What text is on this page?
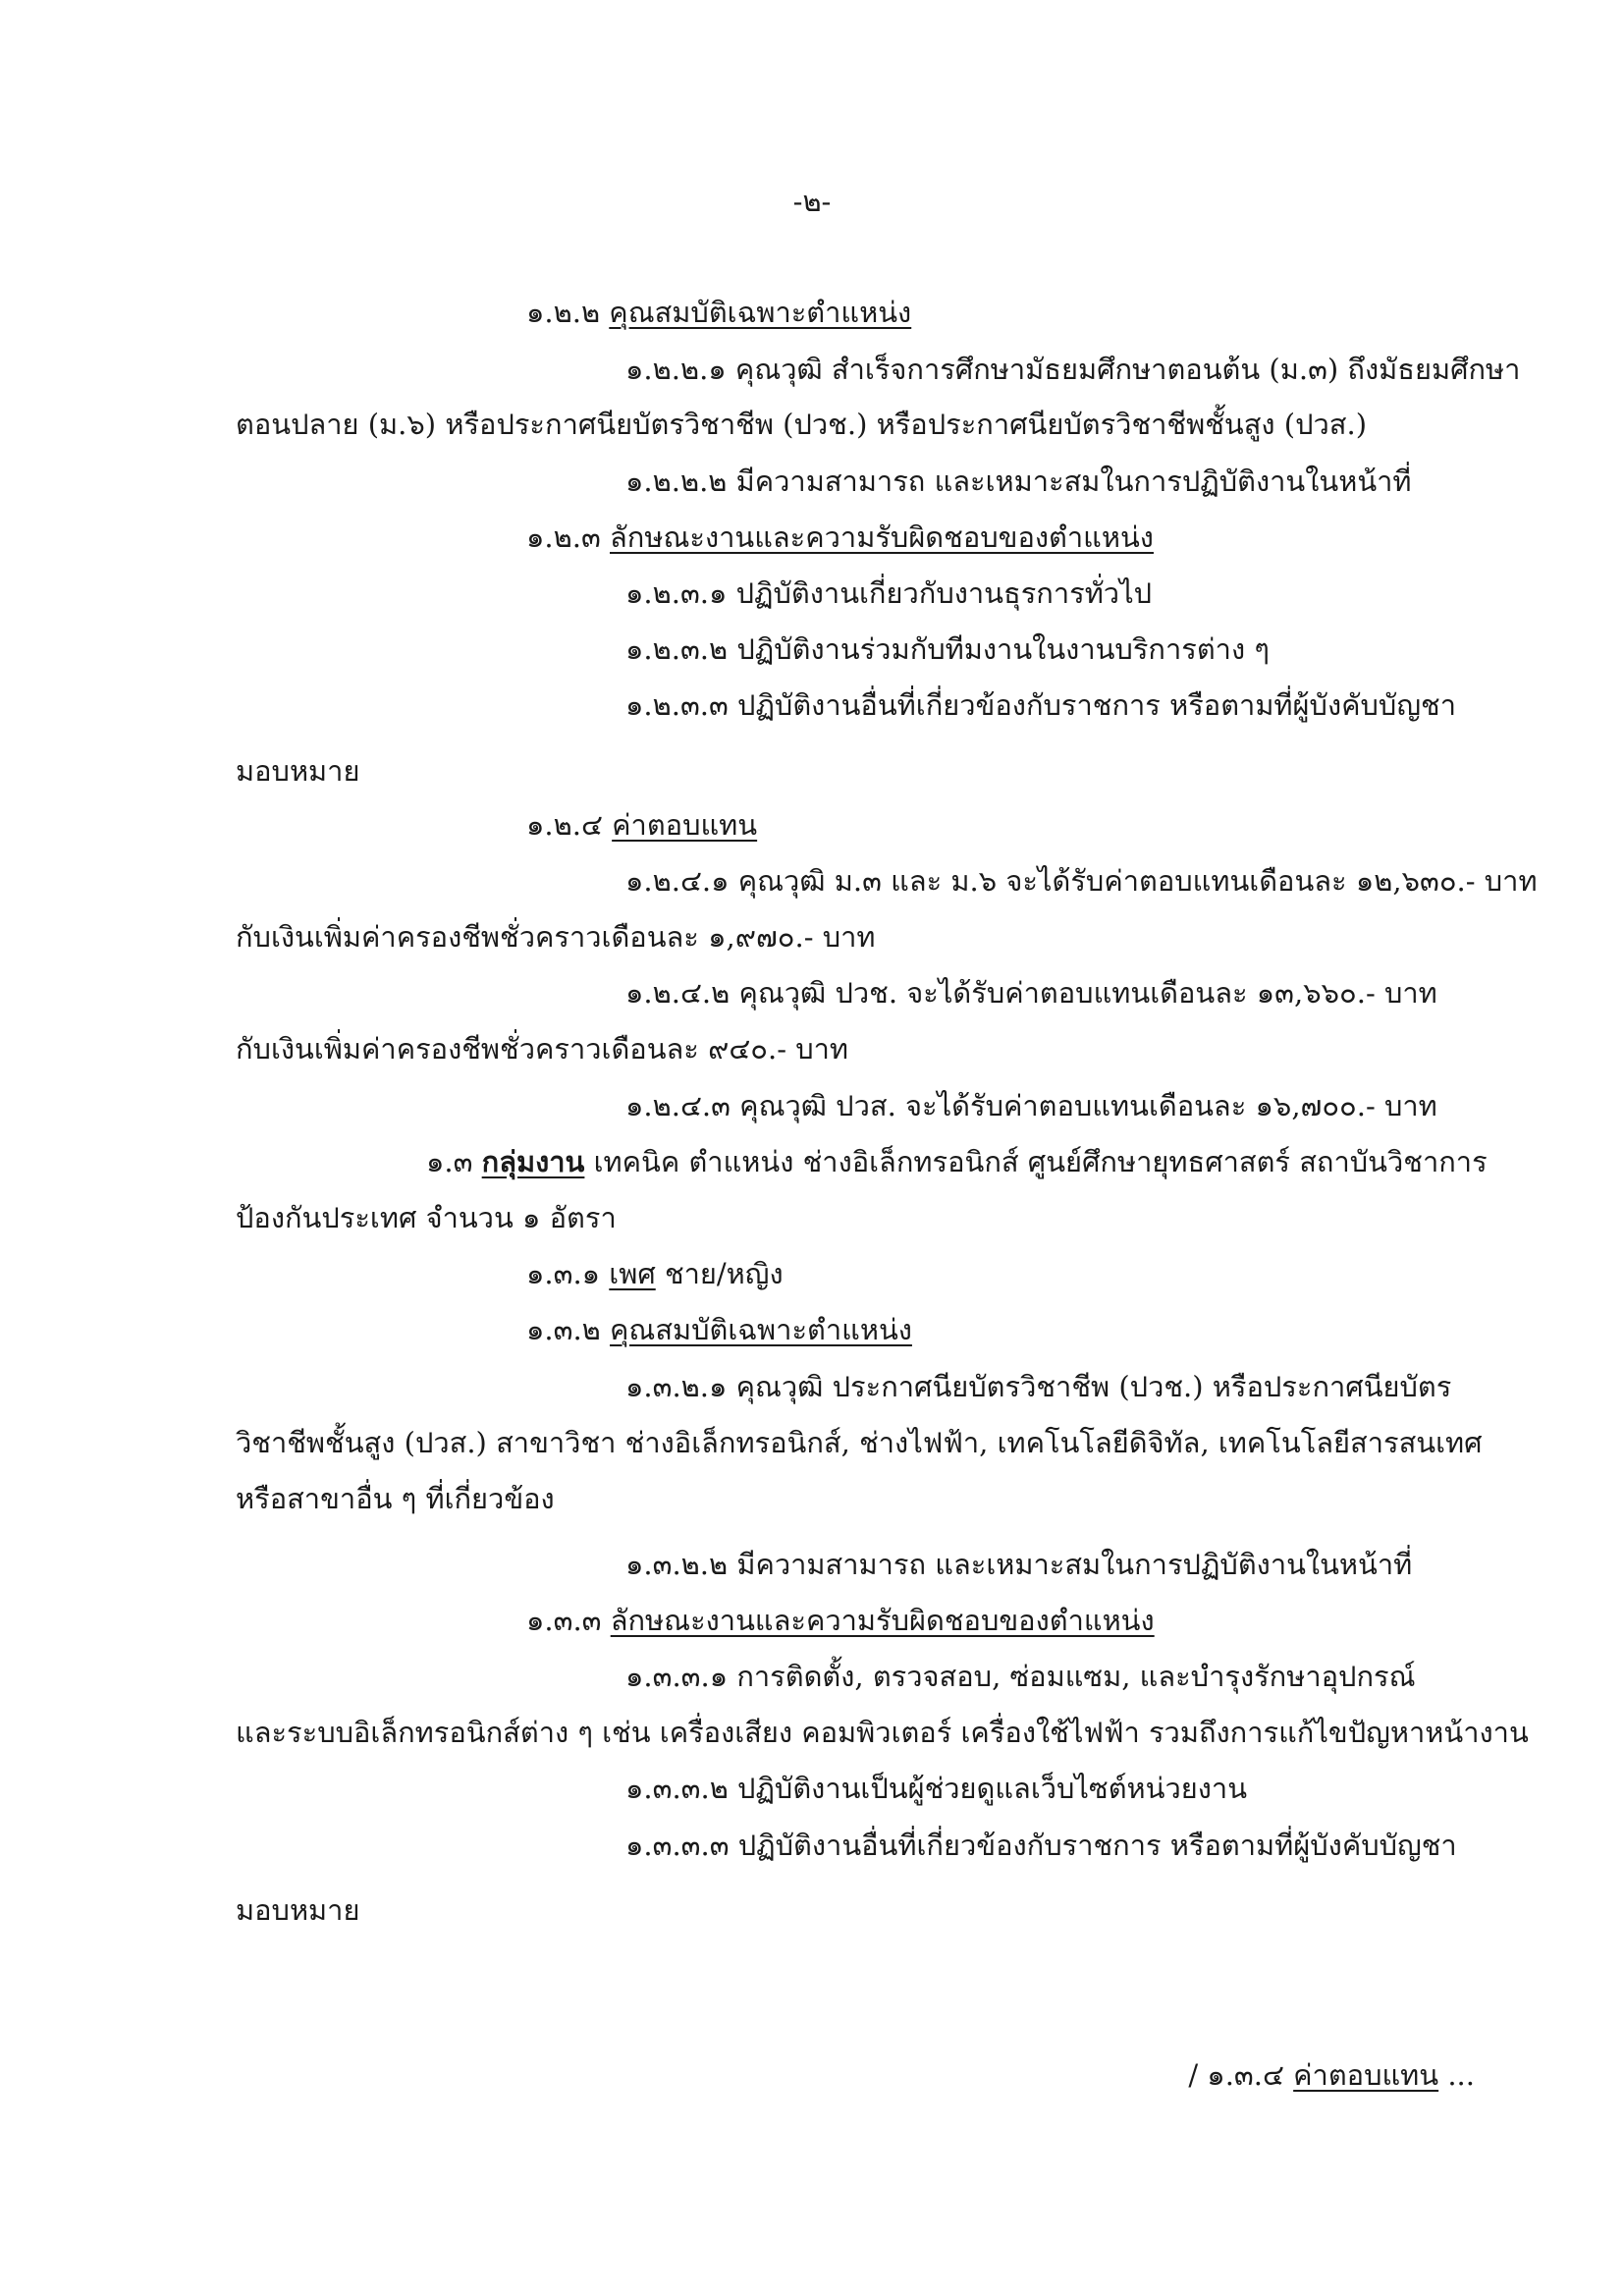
-๒-
๑.๒.๒ คุณสมบัติเฉพาะตำแหน่ง
๑.๒.๒.๑ คุณวุฒิ สำเร็จการศึกษามัธยมศึกษาตอนต้น (ม.๓) ถึงมัธยมศึกษา
ตอนปลาย (ม.๖) หรือประกาศนียบัตรวิชาชีพ (ปวช.) หรือประกาศนียบัตรวิชาชีพชั้นสูง (ปวส.)
๑.๒.๒.๒ มีความสามารถ และเหมาะสมในการปฏิบัติงานในหน้าที่
๑.๒.๓ ลักษณะงานและความรับผิดชอบของตำแหน่ง
๑.๒.๓.๑ ปฏิบัติงานเกี่ยวกับงานธุรการทั่วไป
๑.๒.๓.๒ ปฏิบัติงานร่วมกับทีมงานในงานบริการต่าง ๆ
๑.๒.๓.๓ ปฏิบัติงานอื่นที่เกี่ยวข้องกับราชการ หรือตามที่ผู้บังคับบัญชา
มอบหมาย
๑.๒.๔ ค่าตอบแทน
๑.๒.๔.๑ คุณวุฒิ ม.๓ และ ม.๖ จะได้รับค่าตอบแทนเดือนละ ๑๒,๖๓๐.- บาท
กับเงินเพิ่มค่าครองชีพชั่วคราวเดือนละ ๑,๙๗๐.- บาท
๑.๒.๔.๒ คุณวุฒิ ปวช. จะได้รับค่าตอบแทนเดือนละ ๑๓,๖๖๐.- บาท
กับเงินเพิ่มค่าครองชีพชั่วคราวเดือนละ ๙๔๐.- บาท
๑.๒.๔.๓ คุณวุฒิ ปวส. จะได้รับค่าตอบแทนเดือนละ ๑๖,๗๐๐.- บาท
๑.๓ กลุ่มงาน เทคนิค ตำแหน่ง ช่างอิเล็กทรอนิกส์ ศูนย์ศึกษายุทธศาสตร์ สถาบันวิชาการ
ป้องกันประเทศ จำนวน ๑ อัตรา
๑.๓.๑ เพศ ชาย/หญิง
๑.๓.๒ คุณสมบัติเฉพาะตำแหน่ง
๑.๓.๒.๑ คุณวุฒิ ประกาศนียบัตรวิชาชีพ (ปวช.) หรือประกาศนียบัตร
วิชาชีพชั้นสูง (ปวส.) สาขาวิชา ช่างอิเล็กทรอนิกส์, ช่างไฟฟ้า, เทคโนโลยีดิจิทัล, เทคโนโลยีสารสนเทศ
หรือสาขาอื่น ๆ ที่เกี่ยวข้อง
๑.๓.๒.๒ มีความสามารถ และเหมาะสมในการปฏิบัติงานในหน้าที่
๑.๓.๓ ลักษณะงานและความรับผิดชอบของตำแหน่ง
๑.๓.๓.๑ การติดตั้ง, ตรวจสอบ, ซ่อมแซม, และบำรุงรักษาอุปกรณ์
และระบบอิเล็กทรอนิกส์ต่าง ๆ เช่น เครื่องเสียง คอมพิวเตอร์ เครื่องใช้ไฟฟ้า รวมถึงการแก้ไขปัญหาหน้างาน
๑.๓.๓.๒ ปฏิบัติงานเป็นผู้ช่วยดูแลเว็บไซต์หน่วยงาน
๑.๓.๓.๓ ปฏิบัติงานอื่นที่เกี่ยวข้องกับราชการ หรือตามที่ผู้บังคับบัญชา
มอบหมาย
/ ๑.๓.๔ ค่าตอบแทน ...
